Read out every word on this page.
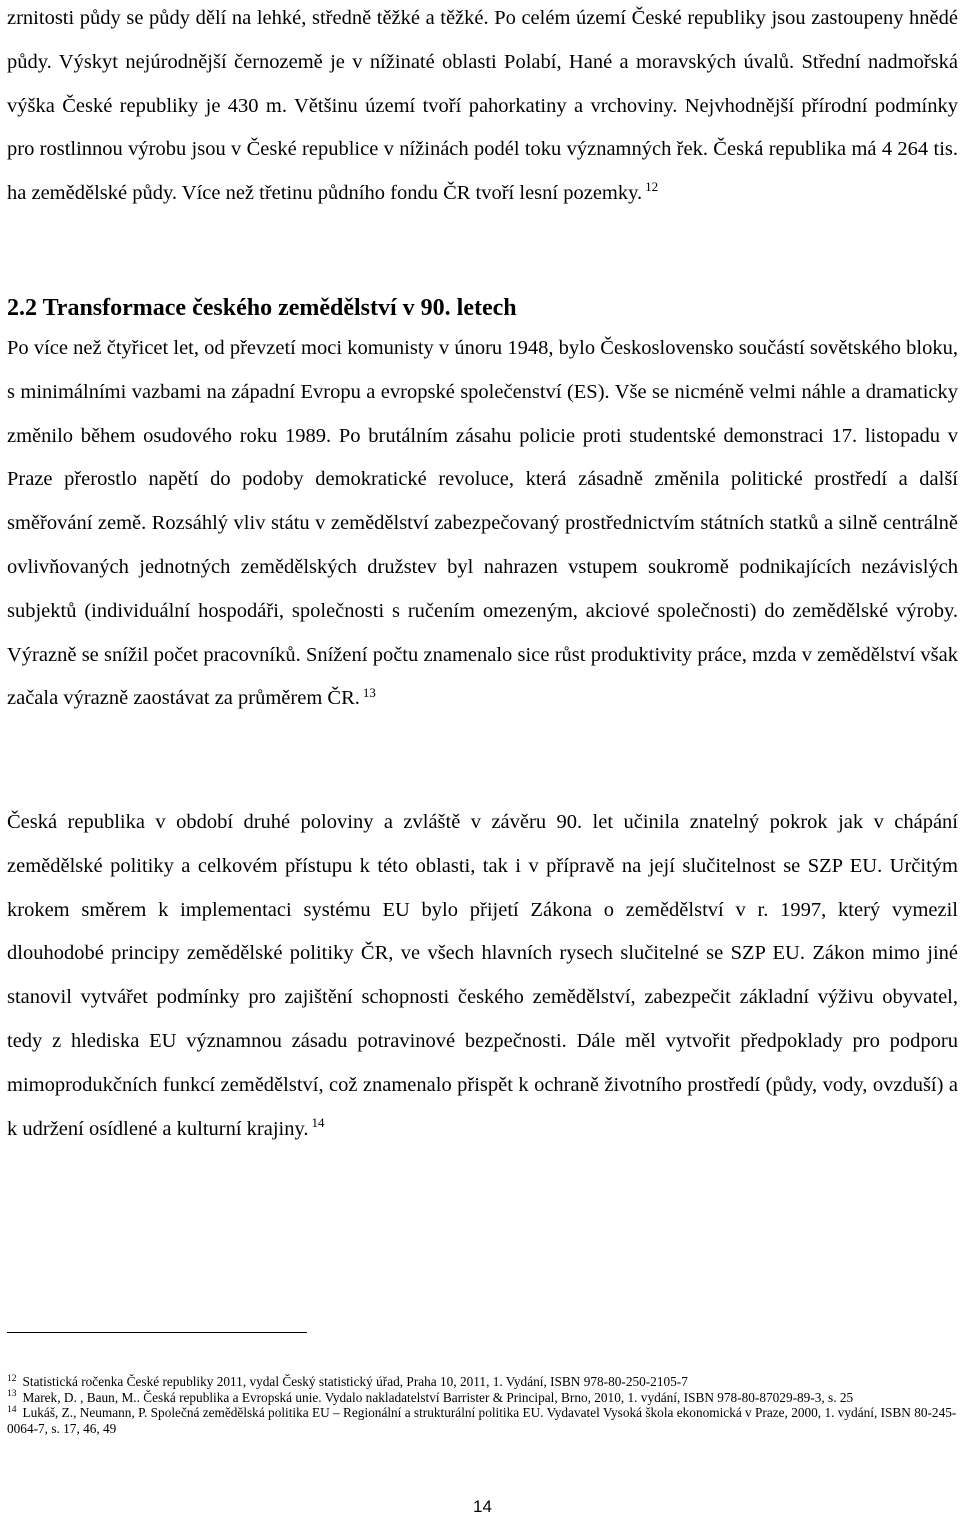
zrnitosti půdy se půdy dělí na lehké, středně těžké a těžké. Po celém území České republiky jsou zastoupeny hnědé půdy. Výskyt nejúrodnější černozemě je v nížinaté oblasti Polabí, Hané a moravských úvalů. Střední nadmořská výška České republiky je 430 m. Většinu území tvoří pahorkatiny a vrchoviny. Nejvhodnější přírodní podmínky pro rostlinnou výrobu jsou v České republice v nížinách podél toku významných řek. Česká republika má 4 264 tis. ha zemědělské půdy. Více než třetinu půdního fondu ČR tvoří lesní pozemky. $^{12}$

2.2 Transformace českého zemědělství v 90. letech

Po více než čtyřicet let, od převzetí moci komunisty v únoru 1948, bylo Československo součástí sovětského bloku, s minimálními vazbami na západní Evropu a evropské společenství (ES). Vše se nicméně velmi náhle a dramaticky změnilo během osudového roku 1989. Po brutálním zásahu policie proti studentské demonstraci 17. listopadu v Praze přerostlo napětí do podoby demokratické revoluce, která zásadně změnila politické prostředí a další směřování země. Rozsáhlý vliv státu v zemědělství zabezpečovaný prostřednictvím státních statků a silně centrálně ovlivňovaných jednotných zemědělských družstev byl nahrazen vstupem soukromě podnikajících nezávislých subjektů (individuální hospodáři, společnosti s ručením omezeným, akciové společnosti) do zemědělské výroby. Výrazně se snížil počet pracovníků. Snížení počtu znamenalo sice růst produktivity práce, mzda v zemědělství však začala výrazně zaostávat za průměrem ČR. $^{13}$

Česká republika v období druhé poloviny a zvláště v závěru 90. let učinila znatelný pokrok jak v chápání zemědělské politiky a celkovém přístupu k této oblasti, tak i v přípravě na její slučitelnost se SZP EU. Určitým krokem směrem k implementaci systému EU bylo přijetí Zákona o zemědělství v r. 1997, který vymezil dlouhodobé principy zemědělské politiky ČR, ve všech hlavních rysech slučitelné se SZP EU. Zákon mimo jiné stanovil vytvářet podmínky pro zajištění schopnosti českého zemědělství, zabezpečit základní výživu obyvatel, tedy z hlediska EU významnou zásadu potravinové bezpečnosti. Dále měl vytvořit předpoklady pro podporu mimoprodukčních funkcí zemědělství, což znamenalo přispět k ochraně životního prostředí (půdy, vody, ovzduší) a k udržení osídlené a kulturní krajiny. $^{14}$

$^{12}$ Statistická ročenka České republiky 2011, vydal Český statistický úřad, Praha 10, 2011, 1. Vydání, ISBN 978-80-250-2105-7

$^{13}$ Marek, D. , Baun, M.. Česká republika a Evropská unie. Vydalo nakladatelství Barrister & Principal, Brno, 2010, 1. vydání, ISBN 978-80-87029-89-3, s. 25

$^{14}$ Lukáš, Z., Neumann, P. Společná zemědělská politika EU – Regionální a strukturální politika EU. Vydavatel Vysoká škola ekonomická v Praze, 2000, 1. vydání, ISBN 80-245-0064-7, s. 17, 46, 49

14
